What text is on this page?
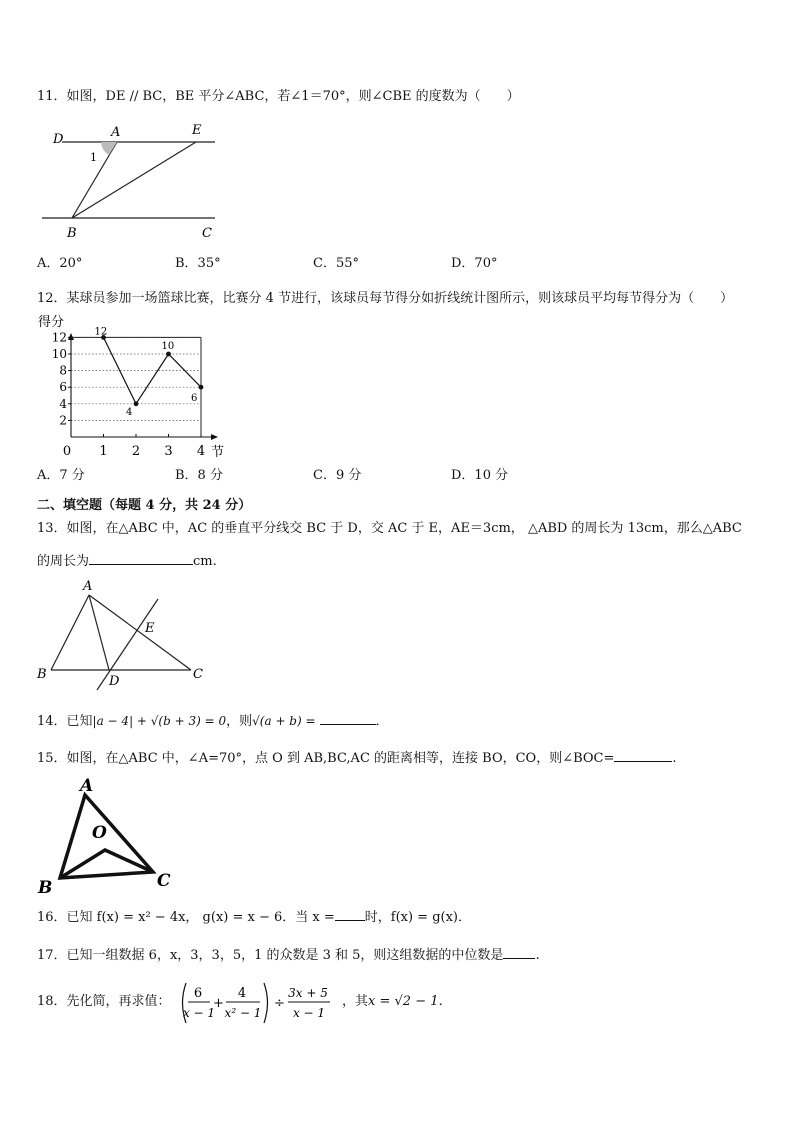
11．如图，DE // BC，BE 平分∠ABC，若∠1＝70°，则∠CBE 的度数为（　　）
D	A	E
1
B	C
A．20°	B．35°	C．55°	D．70°
12．某球员参加一场篮球比赛，比赛分 4 节进行，该球员每节得分如折线统计图所示，则该球员平均每节得分为（　　）
得分
节
2
4
6
8
10
12
0 1 2 3 4
12
4
10
6
A．7 分	B．8 分	C．9 分	D．10 分
二、填空题（每题 4 分，共 24 分）
13．如图，在△ABC 中，AC 的垂直平分线交 BC 于 D，交 AC 于 E，AE＝3cm， △ABD 的周长为 13cm，那么△ABC
的周长为	cm.
A
E
B	D	C
14．已知|a − 4| + √(b + 3) = 0，则√(a + b) =	．
15．如图，在△ABC 中，∠A=70°，点 O 到 AB,BC,AC 的距离相等，连接 BO，CO，则∠BOC=	.
A
O
B	C
16．已知 f(x) = x² − 4x， g(x) = x − 6．当 x = 时，f(x) = g(x)．
17．已知一组数据 6，x，3，3，5，1 的众数是 3 和 5，则这组数据的中位数是 .
18．先化简，再求值：
6
x − 1
+
4
x² − 1
÷
3x + 5
x − 1
，其x = √2 − 1．
